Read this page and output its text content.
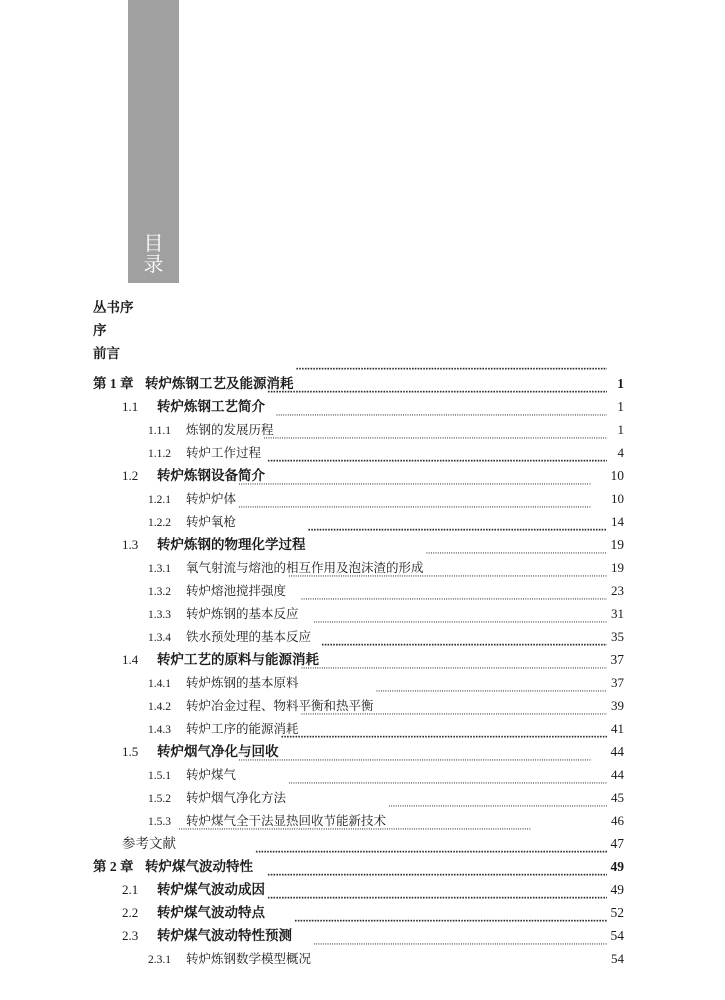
目
录
丛书序
序
前言
第 1 章 转炉炼钢工艺及能源消耗 ·····	1
1.1	转炉炼钢工艺简介 ·····	1
1.1.1	炼钢的发展历程 ·····	1
1.1.2	转炉工作过程 ·····	4
1.2	转炉炼钢设备简介 ·····	10
1.2.1	转炉炉体 ·····	10
1.2.2	转炉氧枪 ·····	14
1.3	转炉炼钢的物理化学过程 ·····	19
1.3.1	氧气射流与熔池的相互作用及泡沫渣的形成 ·····	19
1.3.2	转炉熔池搅拌强度 ·····	23
1.3.3	转炉炼钢的基本反应 ·····	31
1.3.4	铁水预处理的基本反应 ·····	35
1.4	转炉工艺的原料与能源消耗 ·····	37
1.4.1	转炉炼钢的基本原料 ·····	37
1.4.2	转炉冶金过程、物料平衡和热平衡 ·····	39
1.4.3	转炉工序的能源消耗 ·····	41
1.5	转炉烟气净化与回收 ·····	44
1.5.1	转炉煤气 ·····	44
1.5.2	转炉烟气净化方法 ·····	45
1.5.3	转炉煤气全干法显热回收节能新技术 ·····	46
参考文献 ·····	47
第 2 章 转炉煤气波动特性 ·····	49
2.1	转炉煤气波动成因 ·····	49
2.2	转炉煤气波动特点 ·····	52
2.3	转炉煤气波动特性预测 ·····	54
2.3.1	转炉炼钢数学模型概况 ·····	54
